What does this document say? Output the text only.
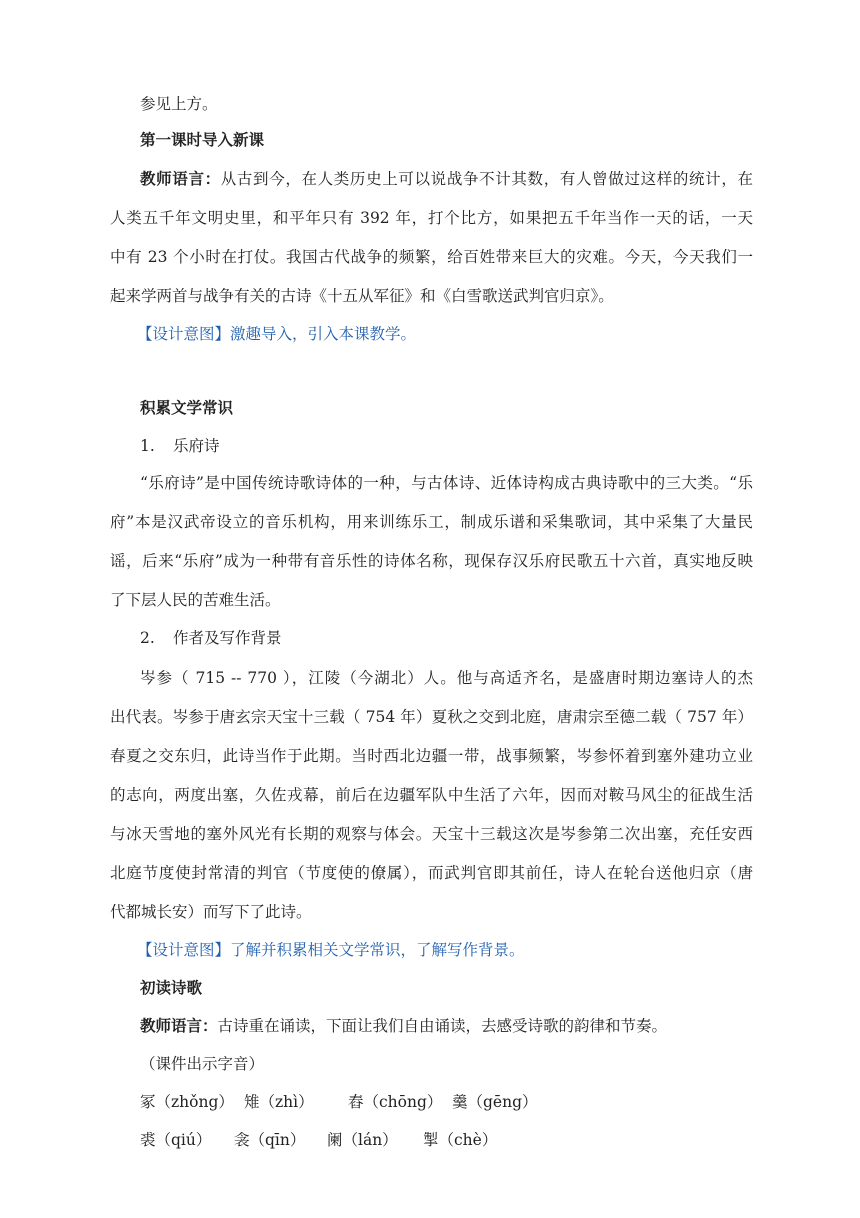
参见上方。
第一课时导入新课
教师语言：从古到今，在人类历史上可以说战争不计其数，有人曾做过这样的统计，在
人类五千年文明史里，和平年只有 392 年，打个比方，如果把五千年当作一天的话，一天
中有 23 个小时在打仗。我国古代战争的频繁，给百姓带来巨大的灾难。今天，今天我们一
起来学两首与战争有关的古诗《十五从军征》和《白雪歌送武判官归京》。
【设计意图】激趣导入，引入本课教学。
积累文学常识
1. 乐府诗
“乐府诗”是中国传统诗歌诗体的一种，与古体诗、近体诗构成古典诗歌中的三大类。“乐
府”本是汉武帝设立的音乐机构，用来训练乐工，制成乐谱和采集歌词，其中采集了大量民
谣，后来“乐府”成为一种带有音乐性的诗体名称，现保存汉乐府民歌五十六首，真实地反映
了下层人民的苦难生活。
2. 作者及写作背景
岑参（ 715 -- 770 ），江陵（今湖北）人。他与高适齐名，是盛唐时期边塞诗人的杰
出代表。岑参于唐玄宗天宝十三载（ 754 年）夏秋之交到北庭，唐肃宗至德二载（ 757 年）
春夏之交东归，此诗当作于此期。当时西北边疆一带，战事频繁，岑参怀着到塞外建功立业
的志向，两度出塞，久佐戎幕，前后在边疆军队中生活了六年，因而对鞍马风尘的征战生活
与冰天雪地的塞外风光有长期的观察与体会。天宝十三载这次是岑参第二次出塞，充任安西
北庭节度使封常清的判官（节度使的僚属），而武判官即其前任，诗人在轮台送他归京（唐
代都城长安）而写下了此诗。
【设计意图】了解并积累相关文学常识，了解写作背景。
初读诗歌
教师语言：古诗重在诵读，下面让我们自由诵读，去感受诗歌的韵律和节奏。
（课件出示字音）
冢（zhǒng） 雉（zhì） 舂（chōng） 羹（gēng）
裘（qiú） 衾（qīn） 阑（lán） 掣（chè）
